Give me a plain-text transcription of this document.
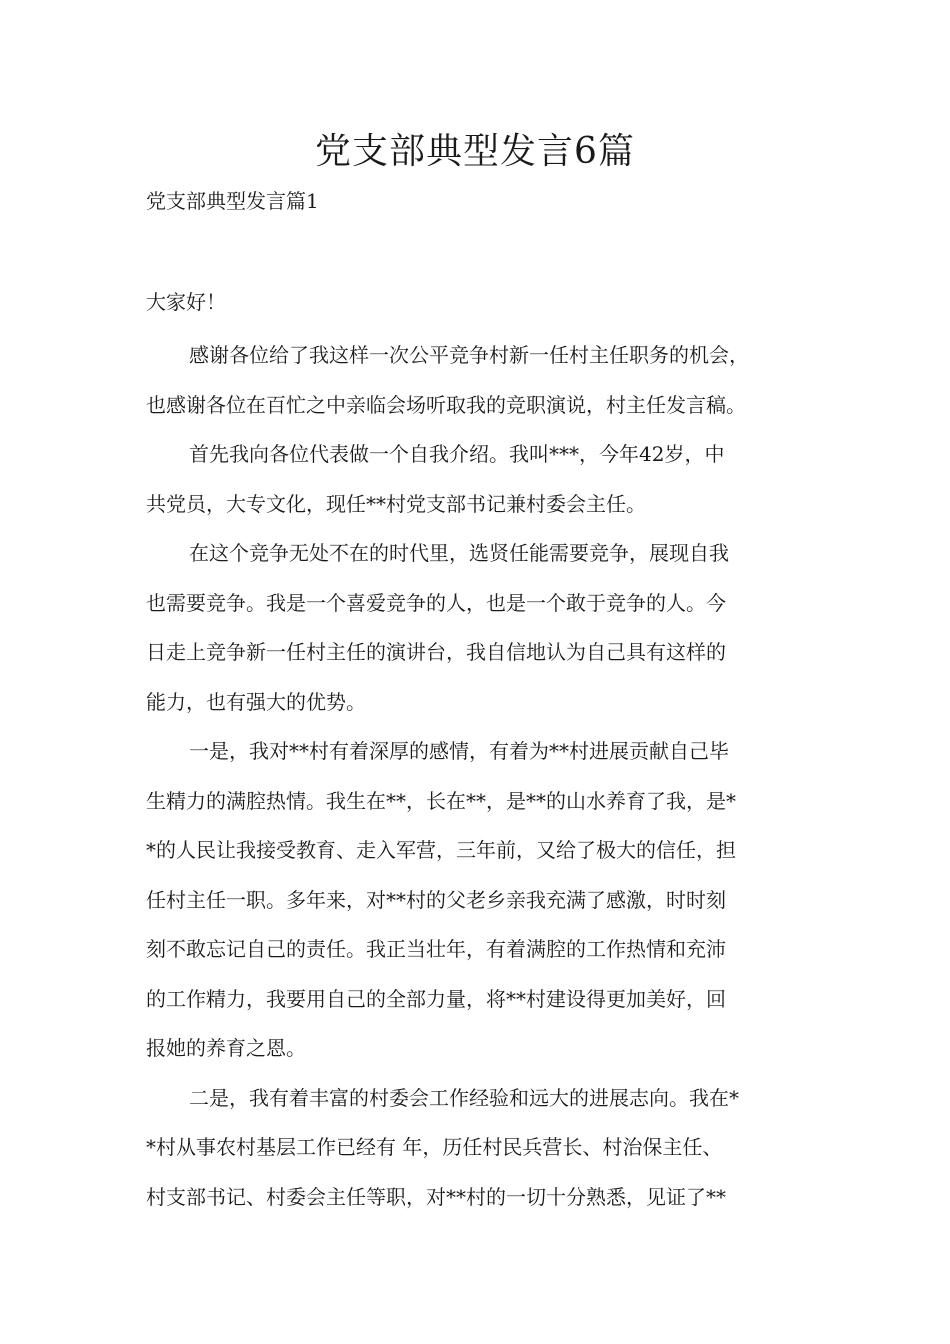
党支部典型发言6篇
党支部典型发言篇1

大家好！

感谢各位给了我这样一次公平竞争村新一任村主任职务的机会，
也感谢各位在百忙之中亲临会场听取我的竞职演说，村主任发言稿。

首先我向各位代表做一个自我介绍。我叫***，今年42岁，中
共党员，大专文化，现任**村党支部书记兼村委会主任。

在这个竞争无处不在的时代里，选贤任能需要竞争，展现自我
也需要竞争。我是一个喜爱竞争的人，也是一个敢于竞争的人。今
日走上竞争新一任村主任的演讲台，我自信地认为自己具有这样的
能力，也有强大的优势。

一是，我对**村有着深厚的感情，有着为**村进展贡献自己毕
生精力的满腔热情。我生在**，长在**，是**的山水养育了我，是*
*的人民让我接受教育、走入军营，三年前，又给了极大的信任，担
任村主任一职。多年来，对**村的父老乡亲我充满了感激，时时刻
刻不敢忘记自己的责任。我正当壮年，有着满腔的工作热情和充沛
的工作精力，我要用自己的全部力量，将**村建设得更加美好，回
报她的养育之恩。

二是，我有着丰富的村委会工作经验和远大的进展志向。我在*
*村从事农村基层工作已经有 年，历任村民兵营长、村治保主任、
村支部书记、村委会主任等职，对**村的一切十分熟悉，见证了**
